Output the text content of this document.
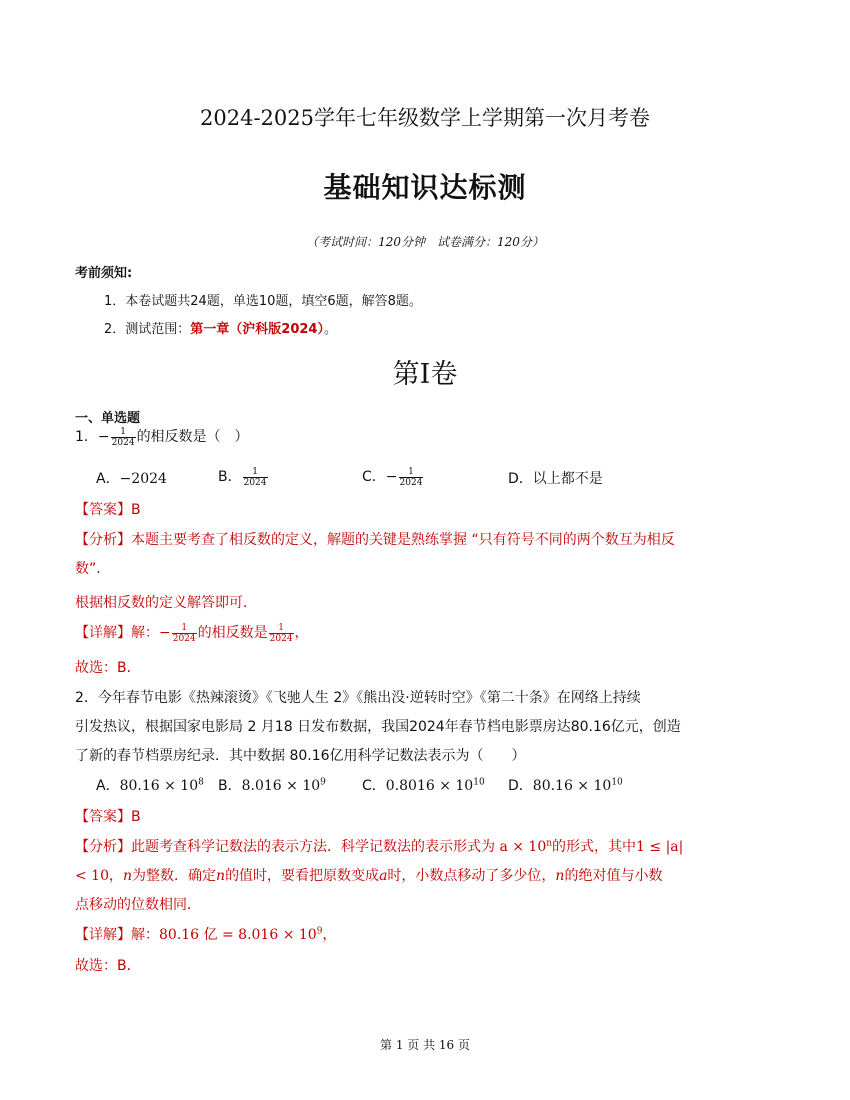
2024-2025学年七年级数学上学期第一次月考卷
基础知识达标测
（考试时间：120分钟　试卷满分：120分）
考前须知:
1．本卷试题共24题，单选10题，填空6题，解答8题。
2．测试范围：第一章（沪科版2024）。
第I卷
一、单选题
1．− $\frac{1}{2024}$ 的相反数是（　）
A．−2024	B． $\frac{1}{2024}$	C．− $\frac{1}{2024}$	D．以上都不是
【答案】B
【分析】本题主要考查了相反数的定义，解题的关键是熟练掌握 “只有符号不同的两个数互为相反
数”.
根据相反数的定义解答即可．
【详解】解：− $\frac{1}{2024}$ 的相反数是 $\frac{1}{2024}$ ，
故选：B．
2．今年春节电影《热辣滚烫》《飞驰人生 2》《熊出没·逆转时空》《第二十条》在网络上持续
引发热议，根据国家电影局 2 月18 日发布数据，我国2024年春节档电影票房达80.16亿元，创造
了新的春节档票房纪录．其中数据 80.16亿用科学记数法表示为（　　）
A．$80.16 \times 10^8$ B．$8.016 \times 10^9$	C．$0.8016 \times 10^{10}$ D．$80.16 \times 10^{10}$
【答案】B
【分析】此题考查科学记数法的表示方法．科学记数法的表示形式为 $a \times 10^n$的形式，其中1 ≤ |a|
< 10，n为整数．确定n的值时，要看把原数变成a时，小数点移动了多少位，n的绝对值与小数
点移动的位数相同．
【详解】解：80.16 亿 = $8.016 \times 10^9$，
故选：B．
第 1 页 共 16 页
